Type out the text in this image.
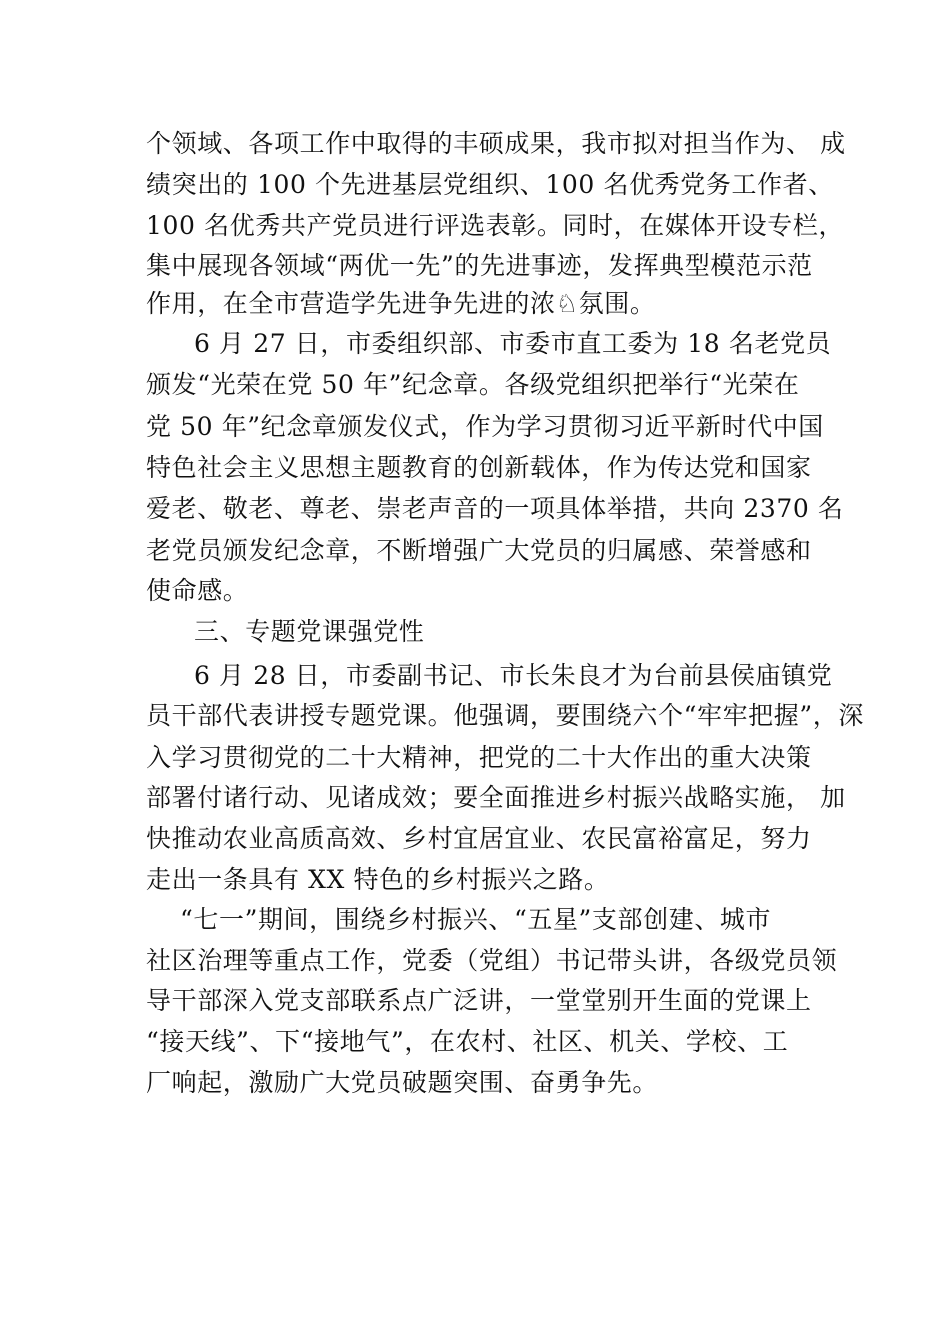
个领域、各项工作中取得的丰硕成果，我市拟对担当作为、 成
绩突出的 100 个先进基层党组织、100 名优秀党务工作者、
100 名优秀共产党员进行评选表彰。同时，在媒体开设专栏，
集中展现各领域“两优一先”的先进事迹，发挥典型模范示范
作用，在全市营造学先进争先进的浓♘氛围。
6 月 27 日，市委组织部、市委市直工委为 18 名老党员
颁发“光荣在党 50 年”纪念章。各级党组织把举行“光荣在
党 50 年”纪念章颁发仪式，作为学习贯彻习近平新时代中国
特色社会主义思想主题教育的创新载体，作为传达党和国家
爱老、敬老、尊老、崇老声音的一项具体举措，共向 2370 名
老党员颁发纪念章，不断增强广大党员的归属感、荣誉感和
使命感。
三、专题党课强党性
6 月 28 日，市委副书记、市长朱良才为台前县侯庙镇党
员干部代表讲授专题党课。他强调，要围绕六个“牢牢把握”，深
入学习贯彻党的二十大精神，把党的二十大作出的重大决策
部署付诸行动、见诸成效；要全面推进乡村振兴战略实施， 加
快推动农业高质高效、乡村宜居宜业、农民富裕富足，努力
走出一条具有 XX 特色的乡村振兴之路。
“七一”期间，围绕乡村振兴、“五星”支部创建、城市
社区治理等重点工作，党委（党组）书记带头讲，各级党员领
导干部深入党支部联系点广泛讲，一堂堂别开生面的党课上
“接天线”、下“接地气”，在农村、社区、机关、学校、工
厂响起，激励广大党员破题突围、奋勇争先。
